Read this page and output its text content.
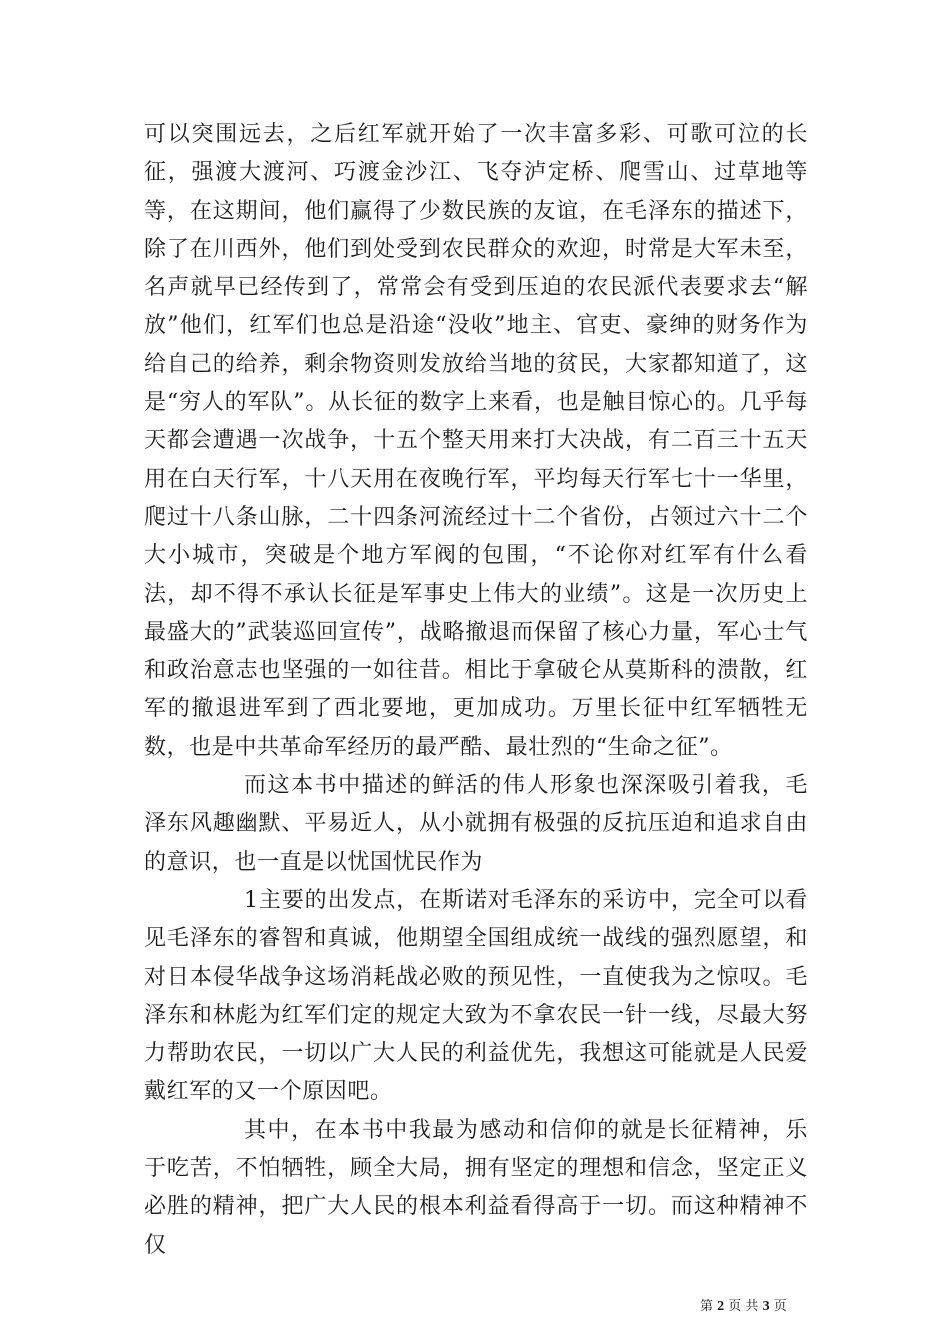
可以突围远去，之后红军就开始了一次丰富多彩、可歌可泣的长征，强渡大渡河、巧渡金沙江、飞夺泸定桥、爬雪山、过草地等等，在这期间，他们赢得了少数民族的友谊，在毛泽东的描述下，除了在川西外，他们到处受到农民群众的欢迎，时常是大军未至，名声就早已经传到了，常常会有受到压迫的农民派代表要求去“解放”他们，红军们也总是沿途“没收”地主、官吏、豪绅的财务作为给自己的给养，剩余物资则发放给当地的贫民，大家都知道了，这是“穷人的军队”。从长征的数字上来看，也是触目惊心的。几乎每天都会遭遇一次战争，十五个整天用来打大决战，有二百三十五天用在白天行军，十八天用在夜晚行军，平均每天行军七十一华里，爬过十八条山脉，二十四条河流经过十二个省份，占领过六十二个大小城市，突破是个地方军阀的包围，“不论你对红军有什么看法，却不得不承认长征是军事史上伟大的业绩”。这是一次历史上最盛大的”武装巡回宣传”，战略撤退而保留了核心力量，军心士气和政治意志也坚强的一如往昔。相比于拿破仑从莫斯科的溃散，红军的撤退进军到了西北要地，更加成功。万里长征中红军牺牲无数，也是中共革命军经历的最严酷、最壮烈的“生命之征”。

而这本书中描述的鲜活的伟人形象也深深吸引着我，毛泽东风趣幽默、平易近人，从小就拥有极强的反抗压迫和追求自由的意识，也一直是以忧国忧民作为

1主要的出发点，在斯诺对毛泽东的采访中，完全可以看见毛泽东的睿智和真诚，他期望全国组成统一战线的强烈愿望，和对日本侵华战争这场消耗战必败的预见性，一直使我为之惊叹。毛泽东和林彪为红军们定的规定大致为不拿农民一针一线，尽最大努力帮助农民，一切以广大人民的利益优先，我想这可能就是人民爱戴红军的又一个原因吧。

其中，在本书中我最为感动和信仰的就是长征精神，乐于吃苦，不怕牺牲，顾全大局，拥有坚定的理想和信念，坚定正义必胜的精神，把广大人民的根本利益看得高于一切。而这种精神不仅

第 2 页 共 3 页
